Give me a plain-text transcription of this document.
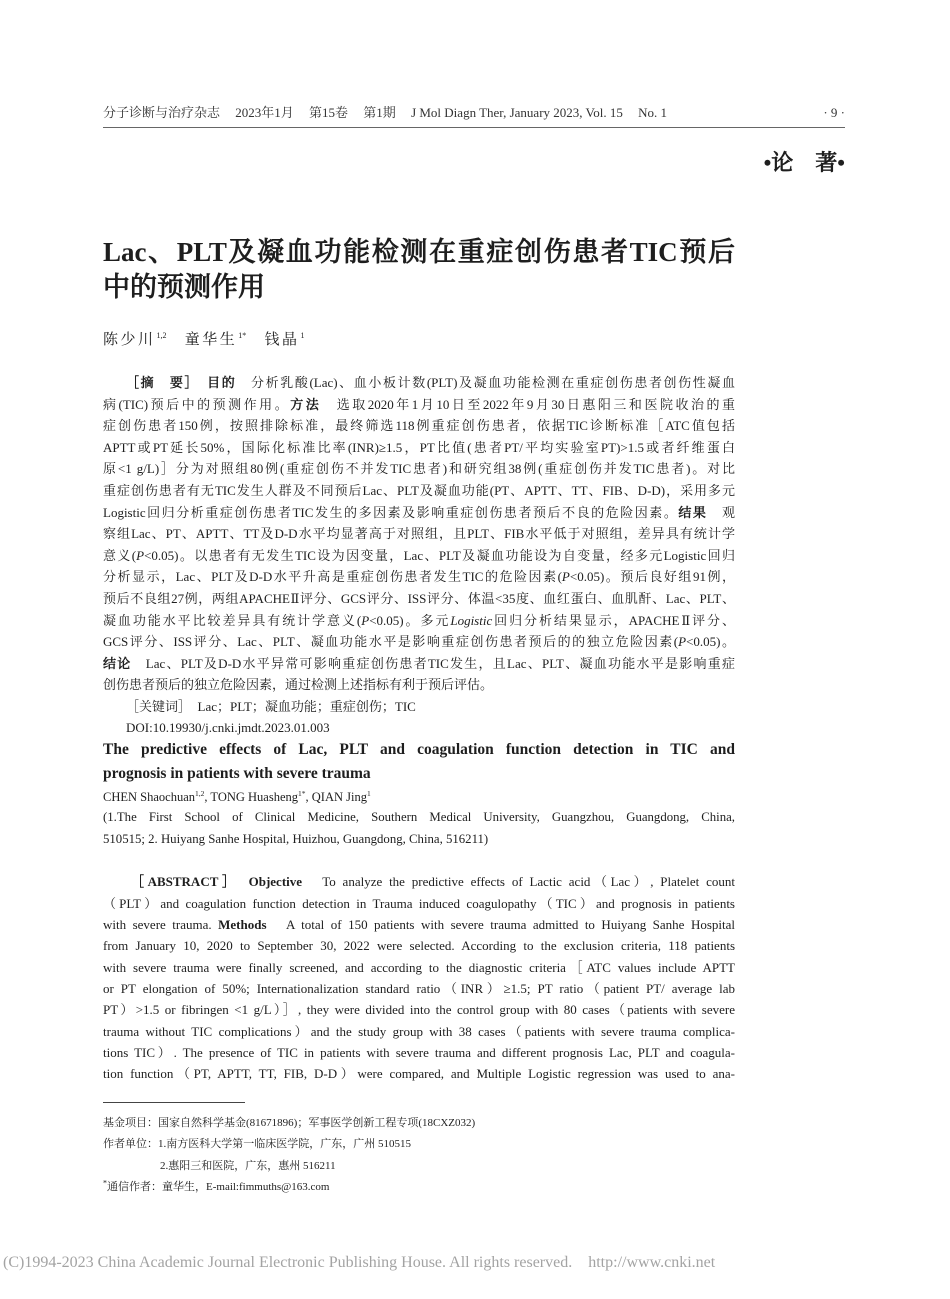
分子诊断与治疗杂志 2023年1月 第15卷 第1期 J Mol Diagn Ther, January 2023, Vol. 15 No. 1	· 9 ·
•论　著•
Lac、PLT及凝血功能检测在重症创伤患者TIC预后
中的预测作用
陈少川$^{1,2}$ 童华生$^{1*}$ 钱晶$^1$
［摘　要］　目的　分析乳酸(Lac)、血小板计数(PLT)及凝血功能检测在重症创伤患者创伤性凝血
病(TIC)预后中的预测作用。方法　选取2020年1月10日至2022年9月30日惠阳三和医院收治的重
症创伤患者150例，按照排除标准，最终筛选118例重症创伤患者，依据TIC诊断标准［ATC值包括
APTT或PT延长50%，国际化标准比率(INR)≥1.5，PT比值(患者PT/平均实验室PT)>1.5或者纤维蛋白
原<1 g/L)］分为对照组80例(重症创伤不并发TIC患者)和研究组38例(重症创伤并发TIC患者)。对比
重症创伤患者有无TIC发生人群及不同预后Lac、PLT及凝血功能(PT、APTT、TT、FIB、D-D)，采用多元
Logistic回归分析重症创伤患者TIC发生的多因素及影响重症创伤患者预后不良的危险因素。结果　观
察组Lac、PT、APTT、TT及D-D水平均显著高于对照组，且PLT、FIB水平低于对照组，差异具有统计学
意义(P<0.05)。以患者有无发生TIC设为因变量，Lac、PLT及凝血功能设为自变量，经多元Logistic回归
分析显示，Lac、PLT及D-D水平升高是重症创伤患者发生TIC的危险因素(P<0.05)。预后良好组91例，
预后不良组27例，两组APACHEⅡ评分、GCS评分、ISS评分、体温<35度、血红蛋白、血肌酐、Lac、PLT、
凝血功能水平比较差异具有统计学意义(P<0.05)。多元Logistic回归分析结果显示，APACHEⅡ评分、
GCS评分、ISS评分、Lac、PLT、凝血功能水平是影响重症创伤患者预后的的独立危险因素(P<0.05)。
结论　Lac、PLT及D-D水平异常可影响重症创伤患者TIC发生，且Lac、PLT、凝血功能水平是影响重症
创伤患者预后的独立危险因素，通过检测上述指标有利于预后评估。
［关键词］　Lac；PLT；凝血功能；重症创伤；TIC
DOI:10.19930/j.cnki.jmdt.2023.01.003
The predictive effects of Lac, PLT and coagulation function detection in TIC and
prognosis in patients with severe trauma
CHEN Shaochuan$^{1,2}$, TONG Huasheng$^{1*}$, QIAN Jing$^1$
(1.The First School of Clinical Medicine, Southern Medical University, Guangzhou, Guangdong, China,
510515; 2. Huiyang Sanhe Hospital, Huizhou, Guangdong, China, 516211)
［ABSTRACT］　Objective　To analyze the predictive effects of Lactic acid（Lac）, Platelet count
（PLT）and coagulation function detection in Trauma induced coagulopathy（TIC）and prognosis in patients
with severe trauma. Methods　A total of 150 patients with severe trauma admitted to Huiyang Sanhe Hospital
from January 10, 2020 to September 30, 2022 were selected. According to the exclusion criteria, 118 patients
with severe trauma were finally screened, and according to the diagnostic criteria［ATC values include APTT
or PT elongation of 50%; Internationalization standard ratio（INR）≥1.5; PT ratio（patient PT/ average lab
PT）>1.5 or fibringen <1 g/L）］, they were divided into the control group with 80 cases（patients with severe
trauma without TIC complications）and the study group with 38 cases（patients with severe trauma complica-
tions TIC）. The presence of TIC in patients with severe trauma and different prognosis Lac, PLT and coagula-
tion function（PT, APTT, TT, FIB, D-D）were compared, and Multiple Logistic regression was used to ana-
基金项目：国家自然科学基金(81671896)；军事医学创新工程专项(18CXZ032)
作者单位：1.南方医科大学第一临床医学院，广东，广州 510515
2.惠阳三和医院，广东，惠州 516211
*通信作者：童华生，E-mail:fimmuths@163.com
(C)1994-2023 China Academic Journal Electronic Publishing House. All rights reserved. http://www.cnki.net
